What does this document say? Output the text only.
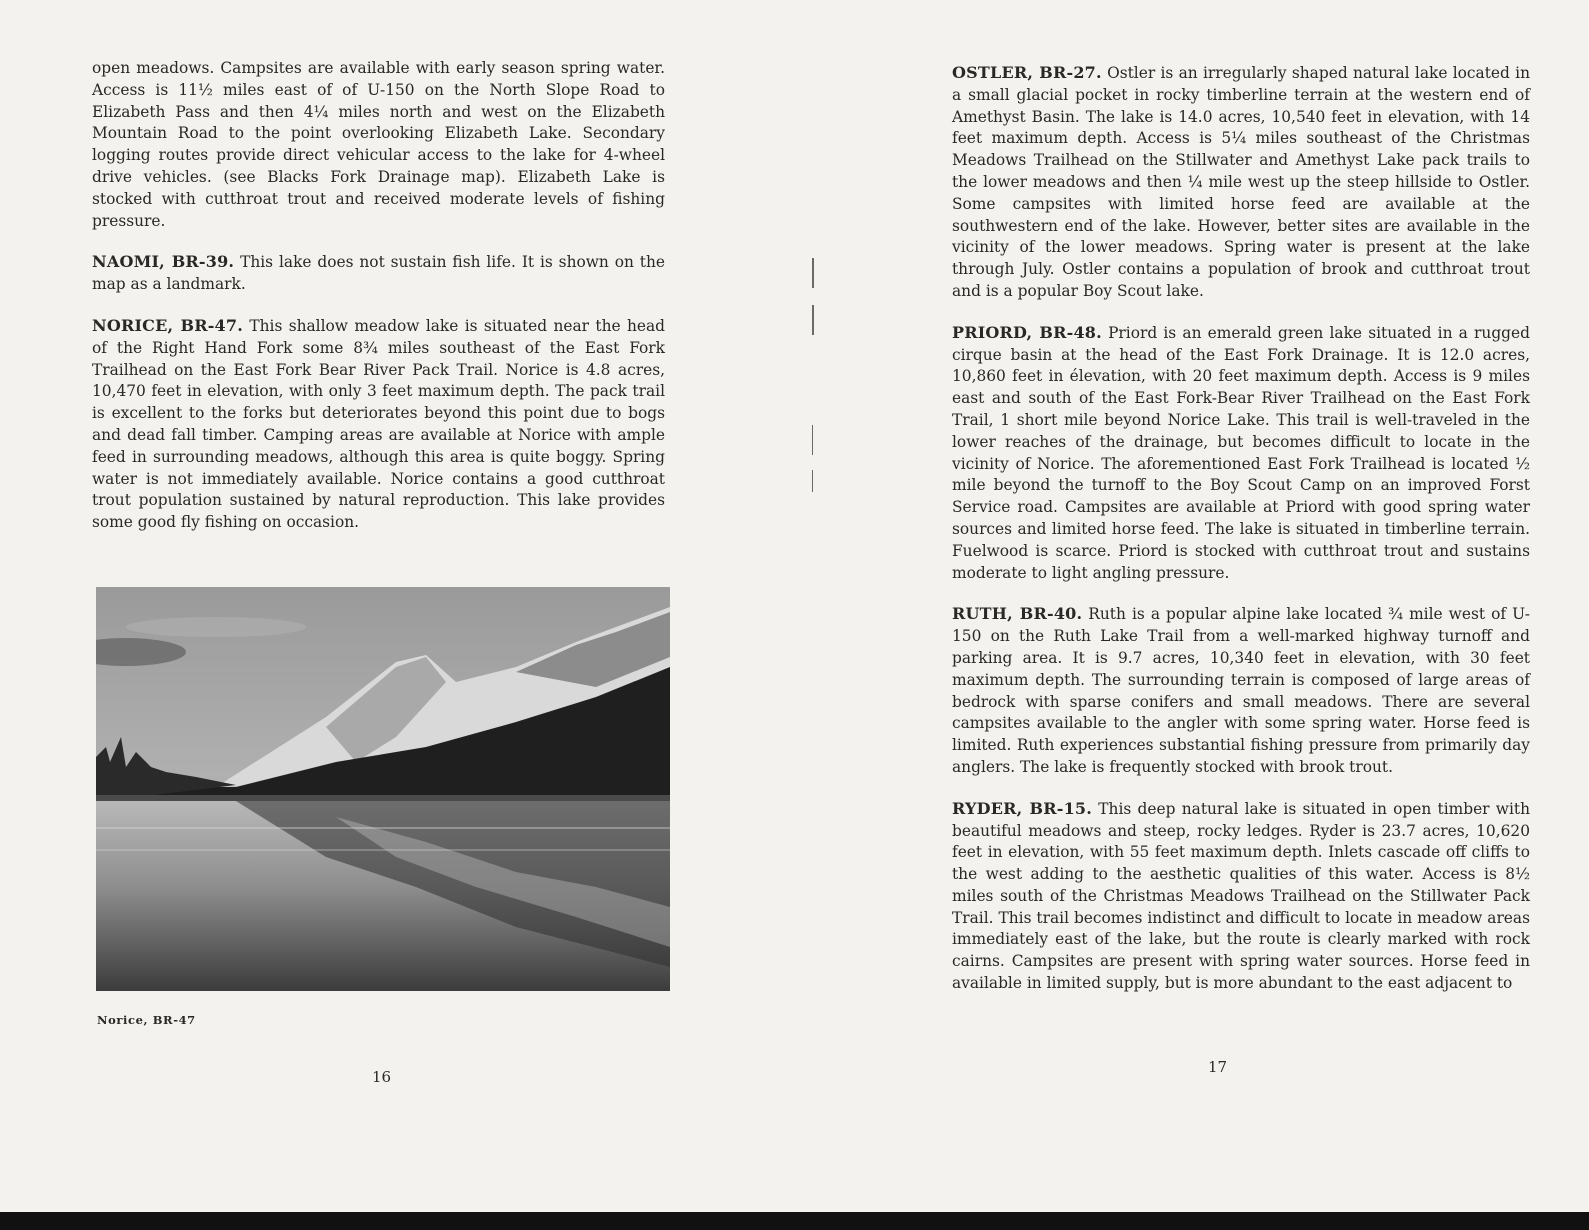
open meadows. Campsites are available with early season spring water. Access is 11½ miles east of of U-150 on the North Slope Road to Elizabeth Pass and then 4¼ miles north and west on the Elizabeth Mountain Road to the point overlooking Elizabeth Lake. Secondary logging routes provide direct vehicular access to the lake for 4-wheel drive vehicles. (see Blacks Fork Drainage map). Elizabeth Lake is stocked with cutthroat trout and received moderate levels of fishing pressure.

NAOMI, BR-39. This lake does not sustain fish life. It is shown on the map as a landmark.

NORICE, BR-47. This shallow meadow lake is situated near the head of the Right Hand Fork some 8¾ miles southeast of the East Fork Trailhead on the East Fork Bear River Pack Trail. Norice is 4.8 acres, 10,470 feet in elevation, with only 3 feet maximum depth. The pack trail is excellent to the forks but deteriorates beyond this point due to bogs and dead fall timber. Camping areas are available at Norice with ample feed in surrounding meadows, although this area is quite boggy. Spring water is not immediately available. Norice contains a good cutthroat trout population sustained by natural reproduction. This lake provides some good fly fishing on occasion.

Norice, BR-47
16

OSTLER, BR-27. Ostler is an irregularly shaped natural lake located in a small glacial pocket in rocky timberline terrain at the western end of Amethyst Basin. The lake is 14.0 acres, 10,540 feet in elevation, with 14 feet maximum depth. Access is 5¼ miles southeast of the Christmas Meadows Trailhead on the Stillwater and Amethyst Lake pack trails to the lower meadows and then ¼ mile west up the steep hillside to Ostler. Some campsites with limited horse feed are available at the southwestern end of the lake. However, better sites are available in the vicinity of the lower meadows. Spring water is present at the lake through July. Ostler contains a population of brook and cutthroat trout and is a popular Boy Scout lake.

PRIORD, BR-48. Priord is an emerald green lake situated in a rugged cirque basin at the head of the East Fork Drainage. It is 12.0 acres, 10,860 feet in élevation, with 20 feet maximum depth. Access is 9 miles east and south of the East Fork-Bear River Trailhead on the East Fork Trail, 1 short mile beyond Norice Lake. This trail is well-traveled in the lower reaches of the drainage, but becomes difficult to locate in the vicinity of Norice. The aforementioned East Fork Trailhead is located ½ mile beyond the turnoff to the Boy Scout Camp on an improved Forst Service road. Campsites are available at Priord with good spring water sources and limited horse feed. The lake is situated in timberline terrain. Fuelwood is scarce. Priord is stocked with cutthroat trout and sustains moderate to light angling pressure.

RUTH, BR-40. Ruth is a popular alpine lake located ¾ mile west of U-150 on the Ruth Lake Trail from a well-marked highway turnoff and parking area. It is 9.7 acres, 10,340 feet in elevation, with 30 feet maximum depth. The surrounding terrain is composed of large areas of bedrock with sparse conifers and small meadows. There are several campsites available to the angler with some spring water. Horse feed is limited. Ruth experiences substantial fishing pressure from primarily day anglers. The lake is frequently stocked with brook trout.

RYDER, BR-15. This deep natural lake is situated in open timber with beautiful meadows and steep, rocky ledges. Ryder is 23.7 acres, 10,620 feet in elevation, with 55 feet maximum depth. Inlets cascade off cliffs to the west adding to the aesthetic qualities of this water. Access is 8½ miles south of the Christmas Meadows Trailhead on the Stillwater Pack Trail. This trail becomes indistinct and difficult to locate in meadow areas immediately east of the lake, but the route is clearly marked with rock cairns. Campsites are present with spring water sources. Horse feed in available in limited supply, but is more abundant to the east adjacent to

17
